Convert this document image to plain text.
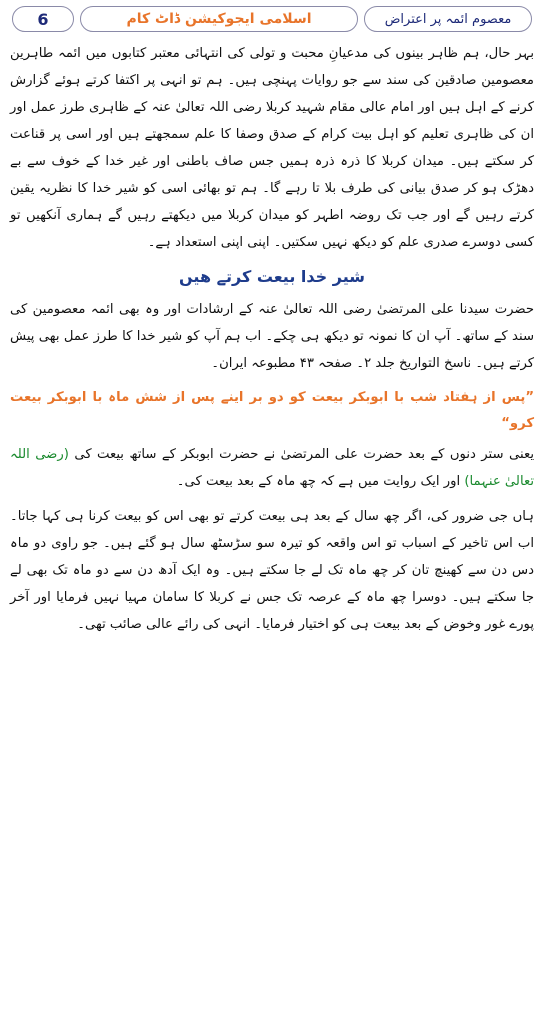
6	اسلامی ایجوکیشن ڈاٹ کام	معصوم ائمہ پر اعتراض

بہر حال، ہم ظاہر بینوں کی مدعیانِ محبت و تولی کی انتہائی معتبر کتابوں میں ائمہ طاہرین معصومین صادقین کی سند سے جو روایات پہنچی ہیں۔ ہم تو انہی پر اکتفا کرتے ہوئے گزارش کرنے کے اہل ہیں اور امام عالی مقام شہید کربلا رضی اللہ تعالیٰ عنہ کے ظاہری طرز عمل اور ان کی ظاہری تعلیم کو اہل بیت کرام کے صدق وصفا کا علم سمجھتے ہیں اور اسی پر قناعت کر سکتے ہیں۔ میدان کربلا کا ذرہ ذرہ ہمیں جس صاف باطنی اور غیر خدا کے خوف سے بے دھڑک ہو کر صدق بیانی کی طرف بلا تا رہے گا۔ ہم تو بھائی اسی کو شیر خدا کا نظریہ یقین کرتے رہیں گے اور جب تک روضہ اطہر کو میدان کربلا میں دیکھتے رہیں گے ہماری آنکھیں تو کسی دوسرے صدری علم کو دیکھ نہیں سکتیں۔ اپنی اپنی استعداد ہے۔

شیر خدا بیعت کرتے ھیں

حضرت سیدنا علی المرتضیٰ رضی اللہ تعالیٰ عنہ کے ارشادات اور وہ بھی ائمہ معصومین کی سند کے ساتھ۔ آپ ان کا نمونہ تو دیکھ ہی چکے۔ اب ہم آپ کو شیر خدا کا طرز عمل بھی پیش کرتے ہیں۔ ناسخ التواریخ جلد ۲۔ صفحہ ۴۳ مطبوعہ ایران۔

”پس از ہفتاد شب با ابوبکر بیعت کو دو بر اینے پس از شش ماہ با ابوبکر بیعت کرو“

یعنی ستر دنوں کے بعد حضرت علی المرتضیٰ نے حضرت ابوبکر کے ساتھ بیعت کی (رضی اللہ تعالیٰ عنہما) اور ایک روایت میں ہے کہ چھ ماہ کے بعد بیعت کی۔

ہاں جی ضرور کی، اگر چھ سال کے بعد ہی بیعت کرتے تو بھی اس کو بیعت کرنا ہی کہا جاتا۔ اب اس تاخیر کے اسباب تو اس واقعہ کو تیرہ سو سڑسٹھ سال ہو گئے ہیں۔ جو راوی دو ماہ دس دن سے کھینچ تان کر چھ ماہ تک لے جا سکتے ہیں۔ وہ ایک آدھ دن سے دو ماہ تک بھی لے جا سکتے ہیں۔ دوسرا چھ ماہ کے عرصہ تک جس نے کربلا کا سامان مہیا نہیں فرمایا اور آخر پورے غور وخوض کے بعد بیعت ہی کو اختیار فرمایا۔ انہی کی رائے عالی صائب تھی۔
